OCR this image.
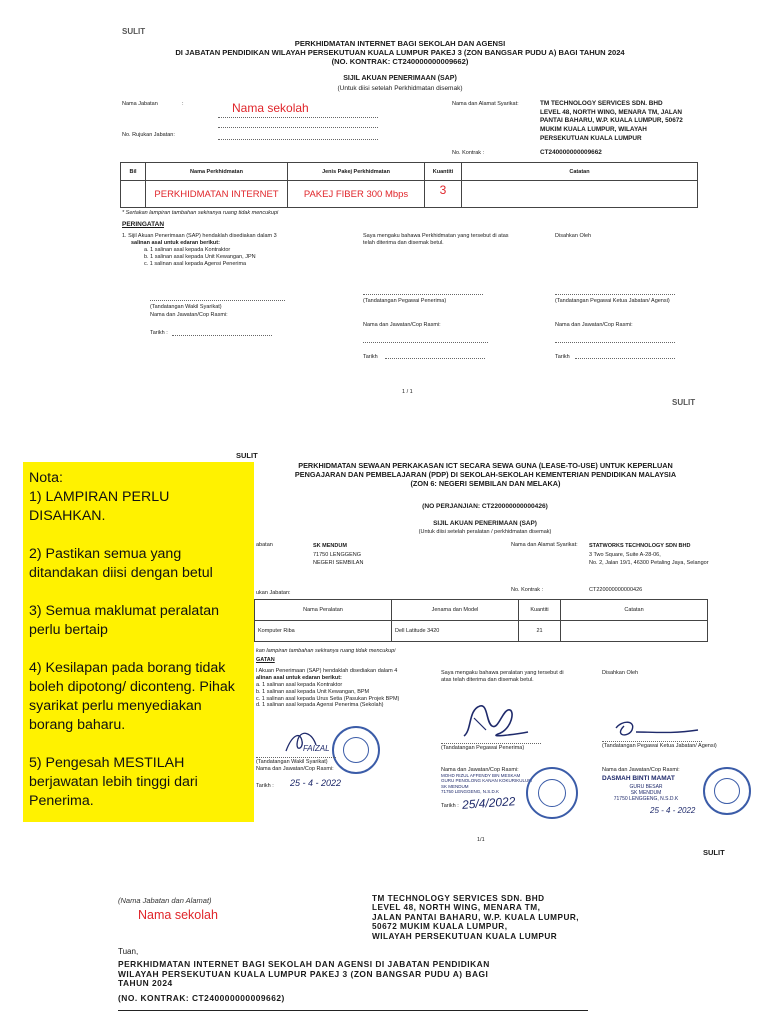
SULIT
PERKHIDMATAN INTERNET BAGI SEKOLAH DAN AGENSI
DI JABATAN PENDIDIKAN WILAYAH PERSEKUTUAN KUALA LUMPUR PAKEJ 3 (ZON BANGSAR PUDU A) BAGI TAHUN 2024
(NO. KONTRAK: CT240000000009662)
SIJIL AKUAN PENERIMAAN (SAP)
(Untuk diisi setelah Perkhidmatan disemak)
Nama Jabatan	:	Nama sekolah
No. Rujukan Jabatan:
Nama dan Alamat Syarikat:	TM TECHNOLOGY SERVICES SDN. BHD
LEVEL 48, NORTH WING, MENARA TM, JALAN
PANTAI BAHARU, W.P. KUALA LUMPUR, 50672
MUKIM KUALA LUMPUR, WILAYAH
PERSEKUTUAN KUALA LUMPUR
No. Kontrak :	CT240000000009662
Bil	Nama Perkhidmatan	Jenis Pakej Perkhidmatan	Kuantiti	Catatan
	PERKHIDMATAN INTERNET	PAKEJ FIBER 300 Mbps	3	
* Sertakan lampiran tambahan sekiranya ruang tidak mencukupi
PERINGATAN
1. Sijil Akuan Penerimaan (SAP) hendaklah disediakan dalam 3
salinan asal untuk edaran berikut:
a. 1 salinan asal kepada Kontraktor
b. 1 salinan asal kepada Unit Kewangan, JPN
c. 1 salinan asal kepada Agensi Penerima
Saya mengaku bahawa Perkhidmatan yang tersebut di atas telah diterima dan disemak betul.
Disahkan Oleh
(Tandatangan Wakil Syarikat)
Nama dan Jawatan/Cop Rasmi:
Tarikh :
(Tandatangan Pegawai Penerima)
Nama dan Jawatan/Cop Rasmi:
Tarikh
(Tandatangan Pegawai Ketua Jabatan/ Agensi)
Nama dan Jawatan/Cop Rasmi:
Tarikh
1 / 1
SULIT
SULIT
PERKHIDMATAN SEWAAN PERKAKASAN ICT SECARA SEWA GUNA (LEASE-TO-USE) UNTUK KEPERLUAN
PENGAJARAN DAN PEMBELAJARAN (PDP) DI SEKOLAH-SEKOLAH KEMENTERIAN PENDIDIKAN MALAYSIA
(ZON 6: NEGERI SEMBILAN DAN MELAKA)
(NO PERJANJIAN: CT220000000000426)
SIJIL AKUAN PENERIMAAN (SAP)
(Untuk diisi setelah peralatan / perkhidmatan disemak)
abatan	SK MENDUM
71750 LENGGENG
NEGERI SEMBILAN
ukan Jabatan:
Nama dan Alamat Syarikat: STATWORKS TECHNOLOGY SDN BHD
3 Two Square, Suite A-28-06,
No. 2, Jalan 19/1, 46300 Petaling Jaya, Selangor
No. Kontrak :	CT220000000000426
Nama Peralatan	Jenama dan Model	Kuantiti	Catatan
Komputer Riba	Dell Latitude 3420	21	
kan lampiran tambahan sekiranya ruang tidak mencukupi
GATAN
l Akuan Penerimaan (SAP) hendaklah disediakan dalam 4
alinan asal untuk edaran berikut:
a. 1 salinan asal kepada Kontraktor
b. 1 salinan asal kepada Unit Kewangan, BPM
c. 1 salinan asal kepada Urus Setia (Pasukan Projek BPM)
d. 1 salinan asal kepada Agensi Penerima (Sekolah)
Saya mengaku bahawa peralatan yang tersebut di atas telah diterima dan disemak betul.
Disahkan Oleh
FAIZAL
(Tandatangan Wakil Syarikat)
Nama dan Jawatan/Cop Rasmi:
Tarikh : 25 - 4 - 2022
(Tandatangan Pegawai Penerima)
Nama dan Jawatan/Cop Rasmi:
MOHD RIZUL AFFENDY BIN MESKAM
GURU PENOLONG KANAN KOKURIKULUM
SK MENDUM
71750 LENGGENG, N.S.D.K
Tarikh : 25/4/2022
(Tandatangan Pegawai Ketua Jabatan/ Agensi)
Nama dan Jawatan/Cop Rasmi:
DASMAH BINTI MAMAT
GURU BESAR
SK MENDUM
71750 LENGGENG, N.S.D.K
25 - 4 - 2022
1/1
SULIT

Nota:

1) LAMPIRAN PERLU DISAHKAN.

2) Pastikan semua yang ditandakan diisi dengan betul

3) Semua maklumat peralatan perlu bertaip

4) Kesilapan pada borang tidak boleh dipotong/ diconteng. Pihak syarikat perlu menyediakan borang baharu.

5) Pengesah MESTILAH berjawatan lebih tinggi dari Penerima.

(Nama Jabatan dan Alamat)
Nama sekolah
TM TECHNOLOGY SERVICES SDN. BHD
LEVEL 48, NORTH WING, MENARA TM,
JALAN PANTAI BAHARU, W.P. KUALA LUMPUR,
50672 MUKIM KUALA LUMPUR,
WILAYAH PERSEKUTUAN KUALA LUMPUR
Tuan,
PERKHIDMATAN INTERNET BAGI SEKOLAH DAN AGENSI DI JABATAN PENDIDIKAN
WILAYAH PERSEKUTUAN KUALA LUMPUR PAKEJ 3 (ZON BANGSAR PUDU A) BAGI
TAHUN 2024
(NO. KONTRAK: CT240000000009662)
